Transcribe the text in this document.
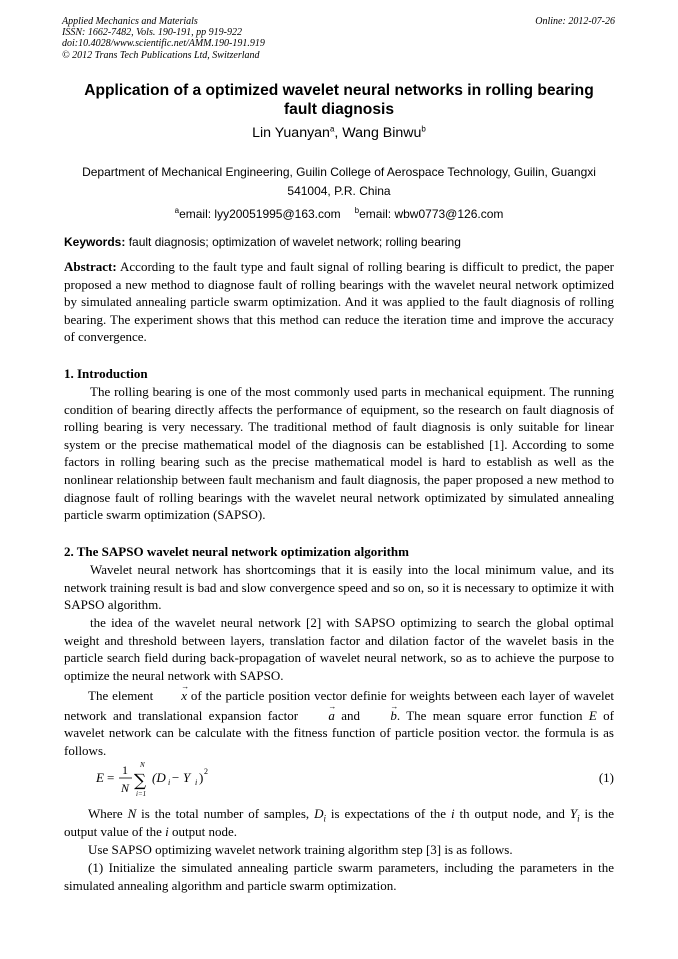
Applied Mechanics and Materials
ISSN: 1662-7482, Vols. 190-191, pp 919-922
doi:10.4028/www.scientific.net/AMM.190-191.919
© 2012 Trans Tech Publications Ltd, Switzerland
Online: 2012-07-26
Application of a optimized wavelet neural networks in rolling bearing
fault diagnosis
Lin Yuanyan$^a$, Wang Binwu$^b$
Department of Mechanical Engineering, Guilin College of Aerospace Technology, Guilin, Guangxi
541004, P.R. China
$^a$email: lyy20051995@163.com $^b$email: wbw0773@126.com
Keywords: fault diagnosis; optimization of wavelet network; rolling bearing
Abstract: According to the fault type and fault signal of rolling bearing is difficult to predict, the paper proposed a new method to diagnose fault of rolling bearings with the wavelet neural network optimized by simulated annealing particle swarm optimization. And it was applied to the fault diagnosis of rolling bearing. The experiment shows that this method can reduce the iteration time and improve the accuracy of convergence.
1. Introduction
The rolling bearing is one of the most commonly used parts in mechanical equipment. The running condition of bearing directly affects the performance of equipment, so the research on fault diagnosis of rolling bearing is very necessary. The traditional method of fault diagnosis is only suitable for linear system or the precise mathematical model of the diagnosis can be established [1]. According to some factors in rolling bearing such as the precise mathematical model is hard to establish as well as the nonlinear relationship between fault mechanism and fault diagnosis, the paper proposed a new method to diagnose fault of rolling bearings with the wavelet neural network optimizated by simulated annealing particle swarm optimization (SAPSO).
2. The SAPSO wavelet neural network optimization algorithm
Wavelet neural network has shortcomings that it is easily into the local minimum value, and its network training result is bad and slow convergence speed and so on, so it is necessary to optimize it with SAPSO algorithm.
the idea of the wavelet neural network [2] with SAPSO optimizing to search the global optimal weight and threshold between layers, translation factor and dilation factor of the wavelet basis in the particle search field during back-propagation of wavelet neural network, so as to achieve the purpose to optimize the neural network with SAPSO.
The element → x of the particle position vector definie for weights between each layer of wavelet network and translational expansion factor → a and → b. The mean square error function E of wavelet network can be calculate with the fitness function of particle position vector. the formula is as follows.
E = 1
N
N
∑
i=1
(D i − Y i ) 2	(1)
Where N is the total number of samples, $D_i$ is expectations of the i th output node, and $Y_i$ is the output value of the i output node.
Use SAPSO optimizing wavelet network training algorithm step [3] is as follows.
(1) Initialize the simulated annealing particle swarm parameters, including the parameters in the simulated annealing algorithm and particle swarm optimization.
